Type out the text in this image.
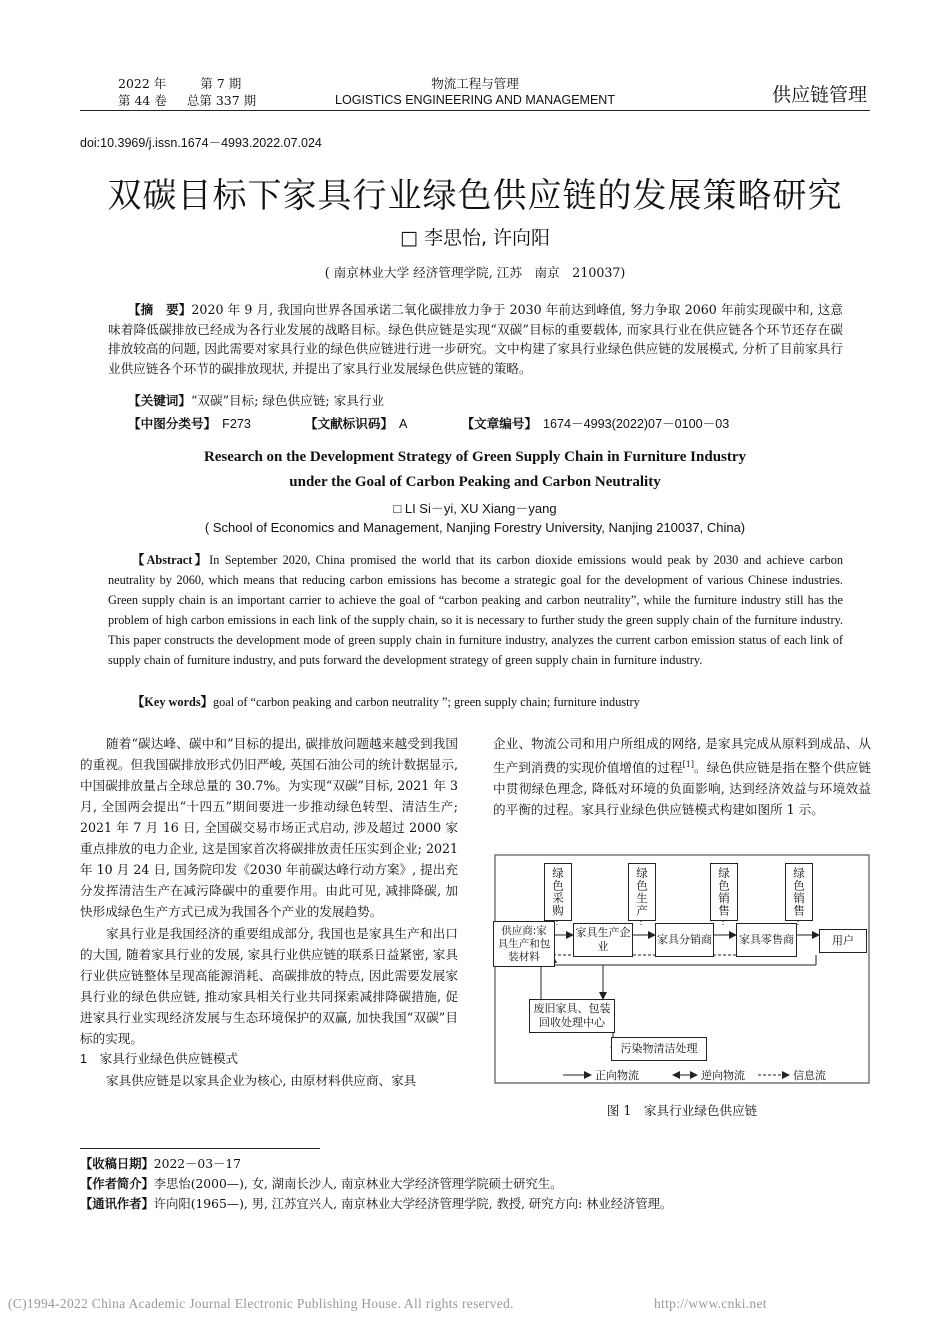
2022 年	第 7 期
第 44 卷 总第 337 期
物流工程与管理
LOGISTICS ENGINEERING AND MANAGEMENT	供应链管理
doi:10.3969/j.issn.1674－4993.2022.07.024
双碳目标下家具行业绿色供应链的发展策略研究
□ 李思怡, 许向阳
( 南京林业大学 经济管理学院, 江苏　南京　210037)
【摘　要】2020 年 9 月, 我国向世界各国承诺二氧化碳排放力争于 2030 年前达到峰值, 努力争取 2060 年前实现碳中和, 这意味着降低碳排放已经成为各行业发展的战略目标。绿色供应链是实现“双碳”目标的重要载体, 而家具行业在供应链各个环节还存在碳排放较高的问题, 因此需要对家具行业的绿色供应链进行进一步研究。文中构建了家具行业绿色供应链的发展模式, 分析了目前家具行业供应链各个环节的碳排放现状, 并提出了家具行业发展绿色供应链的策略。
【关键词】“双碳”目标; 绿色供应链; 家具行业
【中图分类号】 F273	【文献标识码】 A	【文章编号】 1674－4993(2022)07－0100－03
Research on the Development Strategy of Green Supply Chain in Furniture Industry
under the Goal of Carbon Peaking and Carbon Neutrality
□ LI Si－yi, XU Xiang－yang
( School of Economics and Management, Nanjing Forestry University, Nanjing 210037, China)
【Abstract】In September 2020, China promised the world that its carbon dioxide emissions would peak by 2030 and achieve carbon neutrality by 2060, which means that reducing carbon emissions has become a strategic goal for the development of various Chinese industries. Green supply chain is an important carrier to achieve the goal of “carbon peaking and carbon neutrality”, while the furniture industry still has the problem of high carbon emissions in each link of the supply chain, so it is necessary to further study the green supply chain of the furniture industry. This paper constructs the development mode of green supply chain in furniture industry, analyzes the current carbon emission status of each link of supply chain of furniture industry, and puts forward the development strategy of green supply chain in furniture industry.
【Key words】goal of “carbon peaking and carbon neutrality ”; green supply chain; furniture industry
随着“碳达峰、碳中和”目标的提出, 碳排放问题越来越受到我国的重视。但我国碳排放形式仍旧严峻, 英国石油公司的统计数据显示, 中国碳排放量占全球总量的 30.7%。为实现“双碳”目标, 2021 年 3 月, 全国两会提出“十四五”期间要进一步推动绿色转型、清洁生产; 2021 年 7 月 16 日, 全国碳交易市场正式启动, 涉及超过 2000 家重点排放的电力企业, 这是国家首次将碳排放责任压实到企业; 2021 年 10 月 24 日, 国务院印发《2030 年前碳达峰行动方案》, 提出充分发挥清洁生产在减污降碳中的重要作用。由此可见, 减排降碳, 加快形成绿色生产方式已成为我国各个产业的发展趋势。
家具行业是我国经济的重要组成部分, 我国也是家具生产和出口的大国, 随着家具行业的发展, 家具行业供应链的联系日益紧密, 家具行业供应链整体呈现高能源消耗、高碳排放的特点, 因此需要发展家具行业的绿色供应链, 推动家具相关行业共同探索减排降碳措施, 促进家具行业实现经济发展与生态环境保护的双赢, 加快我国“双碳”目标的实现。
1　家具行业绿色供应链模式
家具供应链是以家具企业为核心, 由原材料供应商、家具
企业、物流公司和用户所组成的网络, 是家具完成从原料到成品、从生产到消费的实现价值增值的过程[1]。绿色供应链是指在整个供应链中贯彻绿色理念, 降低对环境的负面影响, 达到经济效益与环境效益的平衡的过程。家具行业绿色供应链模式构建如图所 1 示。
绿色采购	绿色生产	绿色销售	绿色销售
供应商:家具生产和包装材料
家具生产企业
家具分销商 家具零售商	用户
废旧家具、包装回收处理中心
污染物清洁处理
正向物流	逆向物流	信息流
图 1　家具行业绿色供应链
【收稿日期】2022－03－17
【作者简介】李思怡(2000—), 女, 湖南长沙人, 南京林业大学经济管理学院硕士研究生。
【通讯作者】许向阳(1965—), 男, 江苏宜兴人, 南京林业大学经济管理学院, 教授, 研究方向: 林业经济管理。
(C)1994-2022 China Academic Journal Electronic Publishing House. All rights reserved.	http://www.cnki.net
